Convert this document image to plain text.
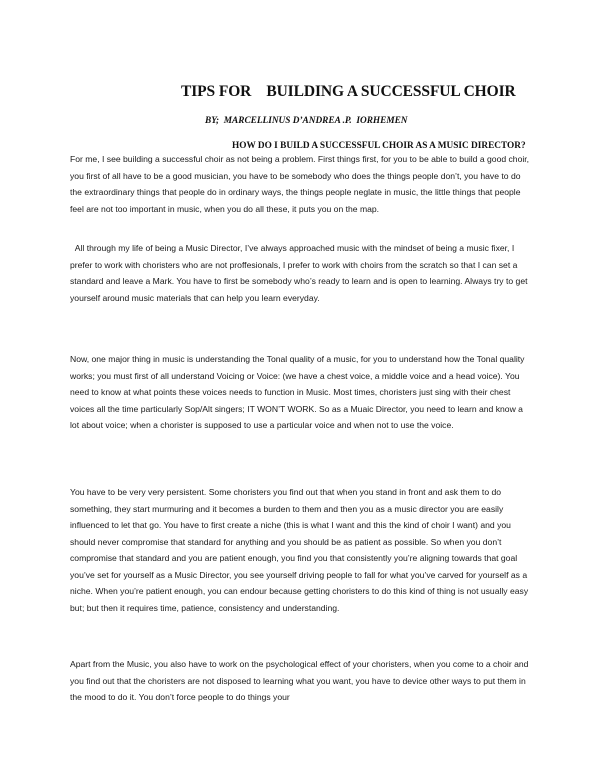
TIPS FOR    BUILDING A SUCCESSFUL CHOIR
BY;  MARCELLINUS D’ANDREA .P.  IORHEMEN
HOW DO I BUILD A SUCCESSFUL CHOIR AS A MUSIC DIRECTOR?

For me, I see building a successful choir as not being a problem. First things first, for you to be able to build a good choir, you first of all have to be a good musician, you have to be somebody who does the things people don’t, you have to do the extraordinary things that people do in ordinary ways, the things people neglate in music, the little things that people feel are not too important in music, when you do all these, it puts you on the map.

All through my life of being a Music Director, I’ve always approached music with the mindset of being a music fixer, I prefer to work with choristers who are not proffesionals, I prefer to work with choirs from the scratch so that I can set a standard and leave a Mark. You have to first be somebody who’s ready to learn and is open to learning. Always try to get yourself around music materials that can help you learn everyday.

Now, one major thing in music is understanding the Tonal quality of a music, for you to understand how the Tonal quality works; you must first of all understand Voicing or Voice: (we have a chest voice, a middle voice and a head voice). You need to know at what points these voices needs to function in Music. Most times, choristers just sing with their chest voices all the time particularly Sop/Alt singers; IT WON’T WORK. So as a Muaic Director, you need to learn and know a lot about voice; when a chorister is supposed to use a particular voice and when not to use the voice.

You have to be very very persistent. Some choristers you find out that when you stand in front and ask them to do something, they start murmuring and it becomes a burden to them and then you as a music director you are easily influenced to let that go. You have to first create a niche (this is what I want and this the kind of choir I want) and you should never compromise that standard for anything and you should be as patient as possible. So when you don’t compromise that standard and you are patient enough, you find you that consistently you’re aligning towards that goal you’ve set for yourself as a Music Director, you see yourself driving people to fall for what you’ve carved for yourself as a niche. When you’re patient enough, you can endour because getting choristers to do this kind of thing is not usually easy but; but then it requires time, patience, consistency and understanding.

Apart from the Music, you also have to work on the psychological effect of your choristers, when you come to a choir and you find out that the choristers are not disposed to learning what you want, you have to device other ways to put them in the mood to do it. You don’t force people to do things your
